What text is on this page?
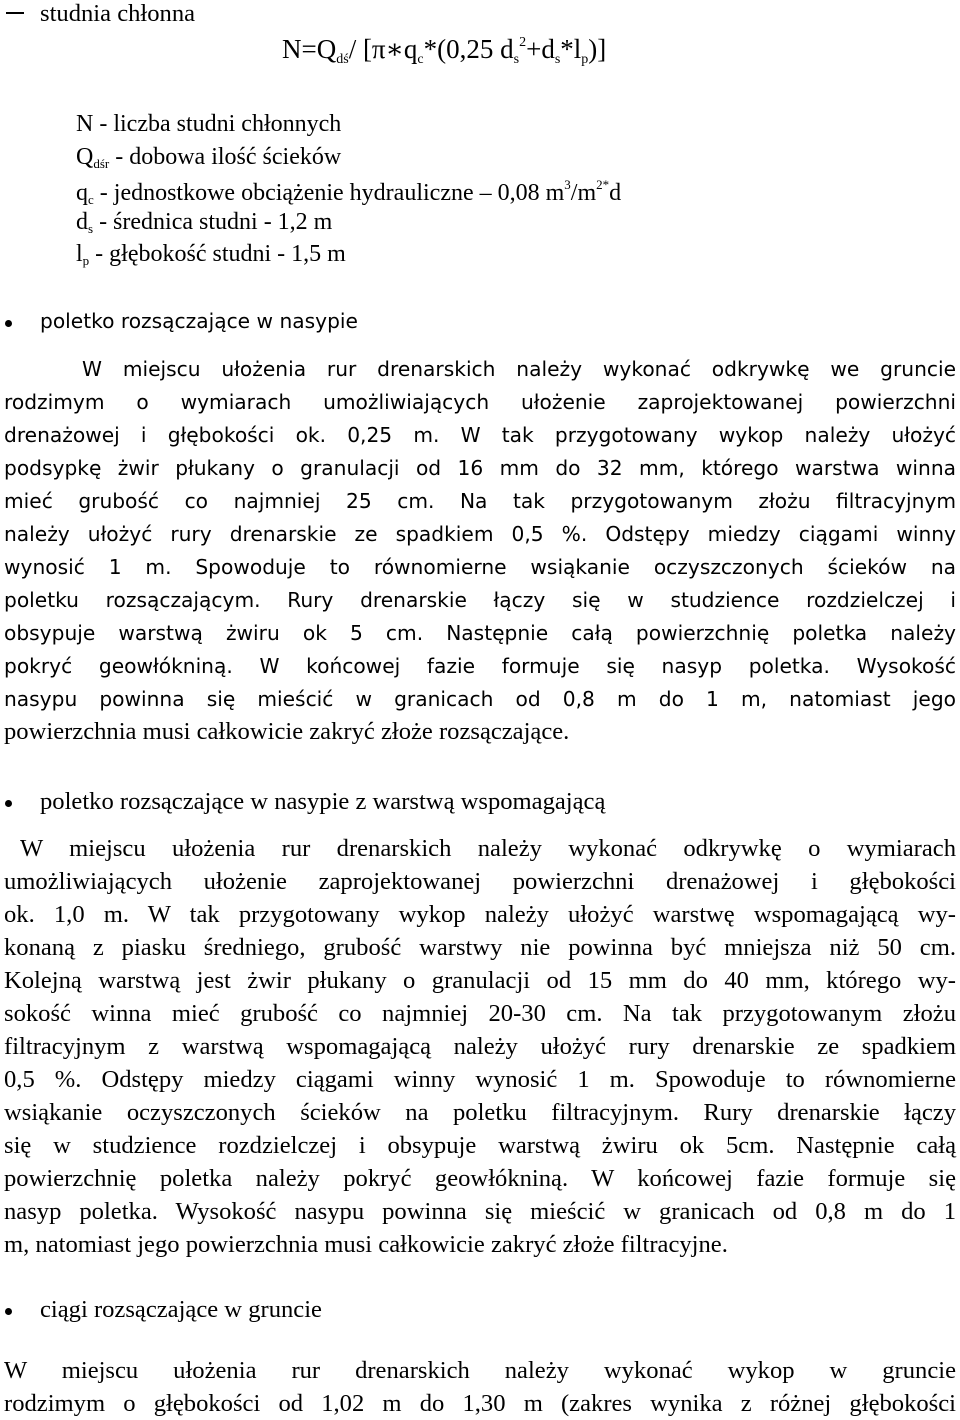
studnia chłonna
$N=Q_{dś}/$ [$\pi∗q_c*(0,25$ $d_s^2+d_s*l_p$)]
N - liczba studni chłonnych
$Q_{dśr}$ - dobowa ilość ścieków
$q_c$ - jednostkowe obciążenie hydrauliczne – 0,08 $m^3/m^{2*}d$
$d_s$ - średnica studni - 1,2 m
$l_p$ - głębokość studni - 1,5 m
poletko rozsączające w nasypie
W miejscu ułożenia rur drenarskich należy wykonać odkrywkę we gruncie
rodzimym o wymiarach umożliwiających ułożenie zaprojektowanej powierzchni
drenażowej i głębokości ok. 0,25 m. W tak przygotowany wykop należy ułożyć
podsypkę żwir płukany o granulacji od 16 mm do 32 mm, którego warstwa winna
mieć grubość co najmniej 25 cm. Na tak przygotowanym złożu filtracyjnym
należy ułożyć rury drenarskie ze spadkiem 0,5 %. Odstępy miedzy ciągami winny
wynosić 1 m. Spowoduje to równomierne wsiąkanie oczyszczonych ścieków na
poletku rozsączającym. Rury drenarskie łączy się w studzience rozdzielczej i
obsypuje warstwą żwiru ok 5 cm. Następnie całą powierzchnię poletka należy
pokryć geowłókniną. W końcowej fazie formuje się nasyp poletka. Wysokość
nasypu powinna się mieścić w granicach od 0,8 m do 1 m, natomiast jego
powierzchnia musi całkowicie zakryć złoże rozsączające.
poletko rozsączające w nasypie z warstwą wspomagającą
W miejscu ułożenia rur drenarskich należy wykonać odkrywkę o wymiarach
umożliwiających ułożenie zaprojektowanej powierzchni drenażowej i głębokości
ok. 1,0 m. W tak przygotowany wykop należy ułożyć warstwę wspomagającą wy-
konaną z piasku średniego, grubość warstwy nie powinna być mniejsza niż 50 cm.
Kolejną warstwą jest żwir płukany o granulacji od 15 mm do 40 mm, którego wy-
sokość winna mieć grubość co najmniej 20-30 cm. Na tak przygotowanym złożu
filtracyjnym z warstwą wspomagającą należy ułożyć rury drenarskie ze spadkiem
0,5 %. Odstępy miedzy ciągami winny wynosić 1 m. Spowoduje to równomierne
wsiąkanie oczyszczonych ścieków na poletku filtracyjnym. Rury drenarskie łączy
się w studzience rozdzielczej i obsypuje warstwą żwiru ok 5cm. Następnie całą
powierzchnię poletka należy pokryć geowłókniną. W końcowej fazie formuje się
nasyp poletka. Wysokość nasypu powinna się mieścić w granicach od 0,8 m do 1
m, natomiast jego powierzchnia musi całkowicie zakryć złoże filtracyjne.
ciągi rozsączające w gruncie
W miejscu ułożenia rur drenarskich należy wykonać wykop w gruncie
rodzimym o głębokości od 1,02 m do 1,30 m (zakres wynika z różnej głębokości
